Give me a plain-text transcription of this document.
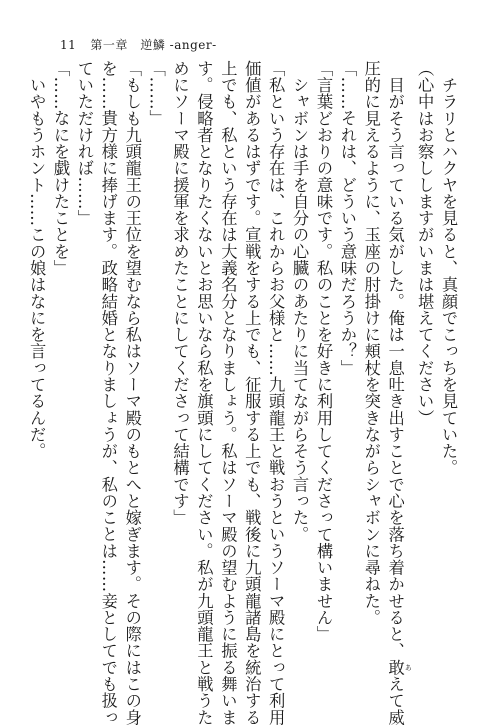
11 第一章　逆鱗 -anger-

　チラリとハクヤを見ると、真顔でこっちを見ていた。

（心中はお察ししますがいまは堪えてください）

　目がそう言っている気がした。俺は一息吐き出すことで心を落ち着かせると、敢 あえて威

圧的に見えるように、玉座の肘掛けに頬杖を突きながらシャボンに尋ねた。

「……それは、どういう意味だろうか？」

「言葉どおりの意味です。私のことを好きに利用してくださって構いません」

　シャボンは手を自分の心臓のあたりに当てながらそう言った。

「私という存在は、これからお父様と……九頭龍王と戦おうというソーマ殿にとって利用

価値があるはずです。宣戦をする上でも、征服する上でも、戦後に九頭龍諸島を統治する

上でも、私という存在は大義名分となりましょう。私はソーマ殿の望むように振る舞いま

す。侵略者となりたくないとお思いなら私を旗頭にしてください。私が九頭龍王と戦うた

めにソーマ殿に援軍を求めたことにしてくださって結構です」

「……」

「もしも九頭龍王の王位を望むなら私はソーマ殿のもとへと嫁ぎます。その際にはこの身

を……貴方様に捧げます。政略結婚となりましょうが、私のことは……妾としてでも扱っ

ていただければ……」

「……なにを戯けたことを」

　いやもうホント……この娘はなにを言ってるんだ。
